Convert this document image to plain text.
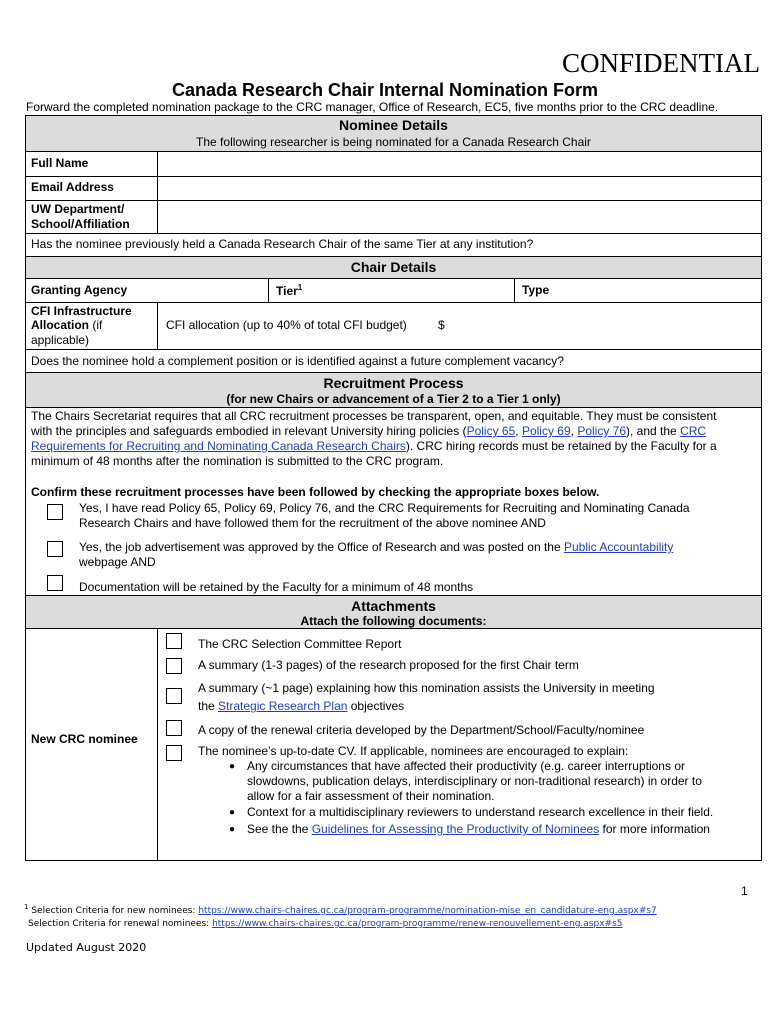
CONFIDENTIAL
Canada Research Chair Internal Nomination Form
Forward the completed nomination package to the CRC manager, Office of Research, EC5, five months prior to the CRC deadline.
Nominee Details
The following researcher is being nominated for a Canada Research Chair
Full Name
Email Address
UW Department/
School/Affiliation
Has the nominee previously held a Canada Research Chair of the same Tier at any institution?
Chair Details
Granting Agency	Tier$^1$	Type
CFI Infrastructure
Allocation (if
applicable)
CFI allocation (up to 40% of total CFI budget)	$
Does the nominee hold a complement position or is identified against a future complement vacancy?
Recruitment Process
(for new Chairs or advancement of a Tier 2 to a Tier 1 only)
The Chairs Secretariat requires that all CRC recruitment processes be transparent, open, and equitable. They must be consistent
with the principles and safeguards embodied in relevant University hiring policies (Policy 65, Policy 69, Policy 76), and the CRC
Requirements for Recruiting and Nominating Canada Research Chairs). CRC hiring records must be retained by the Faculty for a
minimum of 48 months after the nomination is submitted to the CRC program.
Confirm these recruitment processes have been followed by checking the appropriate boxes below.
Yes, I have read Policy 65, Policy 69, Policy 76, and the CRC Requirements for Recruiting and Nominating Canada
Research Chairs and have followed them for the recruitment of the above nominee AND
Yes, the job advertisement was approved by the Office of Research and was posted on the Public Accountability
webpage AND
Documentation will be retained by the Faculty for a minimum of 48 months
Attachments
Attach the following documents:
New CRC nominee
The CRC Selection Committee Report
A summary (1-3 pages) of the research proposed for the first Chair term
A summary (~1 page) explaining how this nomination assists the University in meeting
the Strategic Research Plan objectives
A copy of the renewal criteria developed by the Department/School/Faculty/nominee
The nominee’s up-to-date CV. If applicable, nominees are encouraged to explain:
● Any circumstances that have affected their productivity (e.g. career interruptions or
slowdowns, publication delays, interdisciplinary or non-traditional research) in order to
allow for a fair assessment of their nomination.
● Context for a multidisciplinary reviewers to understand research excellence in their field.
● See the the Guidelines for Assessing the Productivity of Nominees for more information
1
$^1$ Selection Criteria for new nominees: https://www.chairs-chaires.gc.ca/program-programme/nomination-mise_en_candidature-eng.aspx#s7
Selection Criteria for renewal nominees: https://www.chairs-chaires.gc.ca/program-programme/renew-renouvellement-eng.aspx#s5
Updated August 2020
